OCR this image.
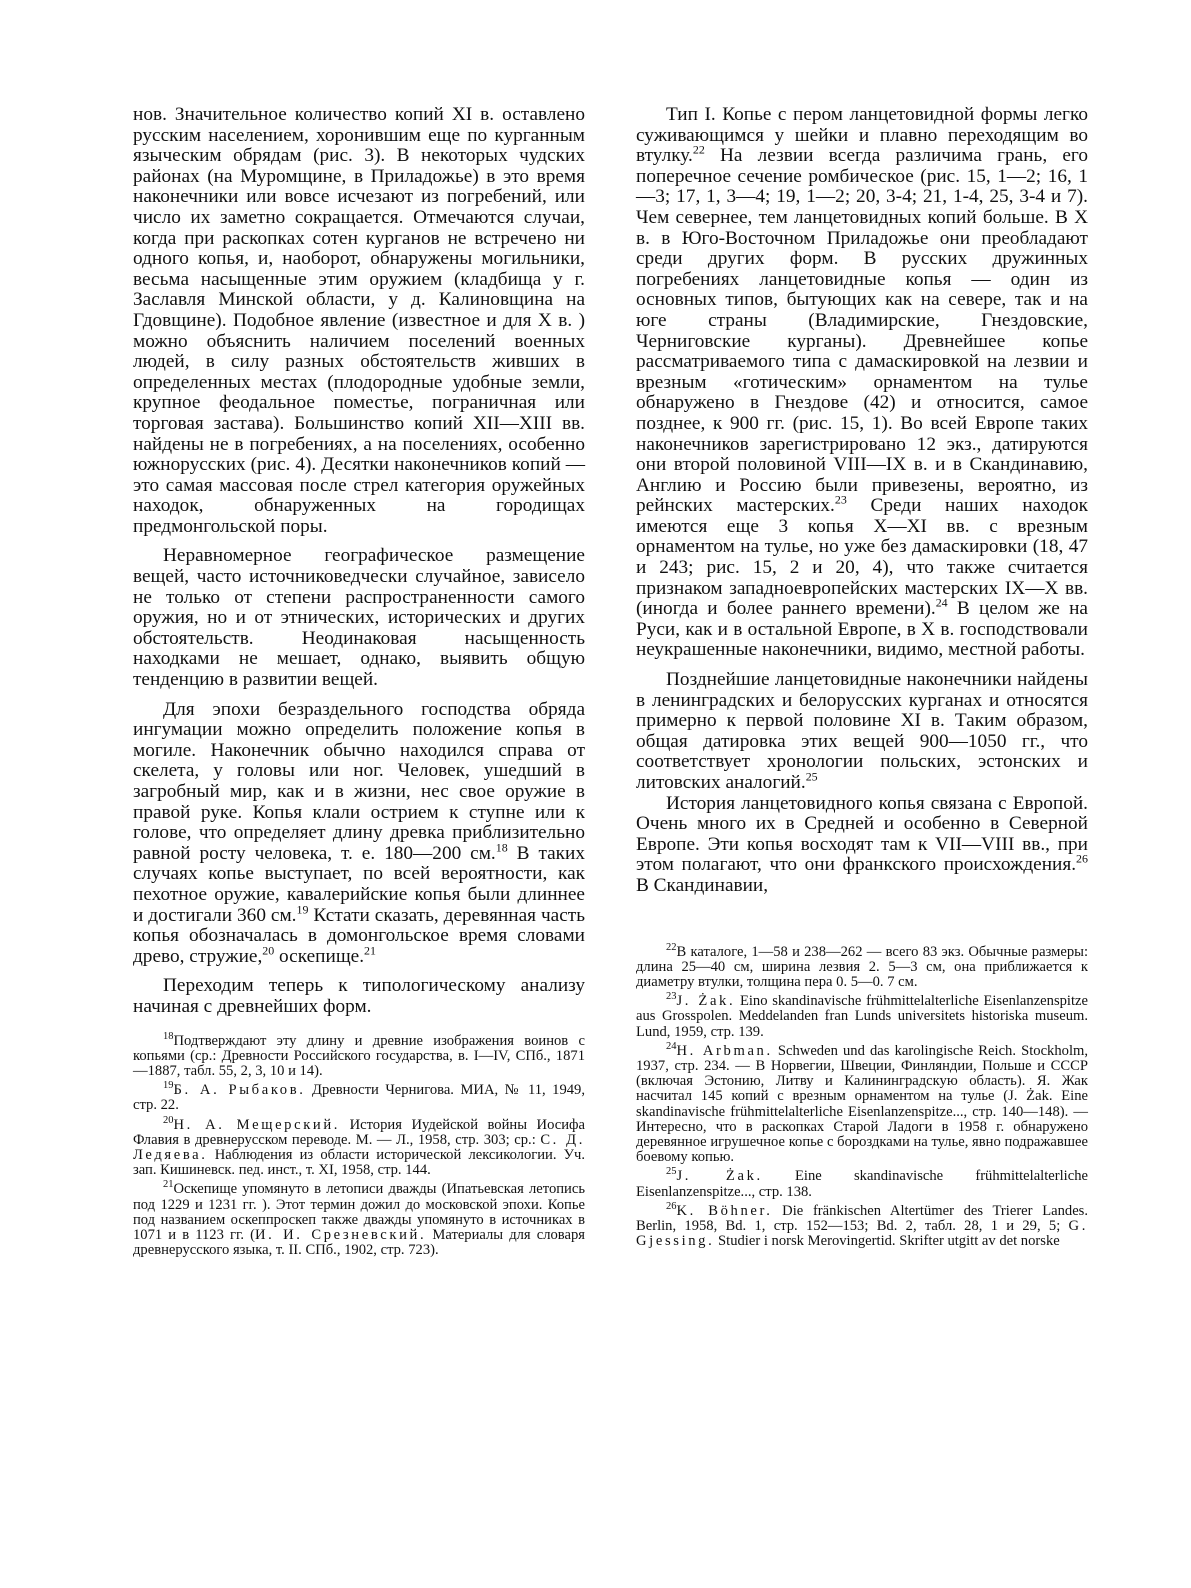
нов. Значительное количество копий XI в. оставлено русским населением, хоронившим еще по курганным языческим обрядам (рис. 3). В некоторых чудских районах (на Муромщине, в Приладожье) в это время наконечники или вовсе исчезают из погребений, или число их заметно сокращается. Отмечаются случаи, когда при раскопках сотен курганов не встречено ни одного копья, и, наоборот, обнаружены могильники, весьма насыщенные этим оружием (кладбища у г. Заславля Минской области, у д. Калиновщина на Гдовщине). Подобное явление (известное и для X в. ) можно объяснить наличием поселений военных людей, в силу разных обстоятельств живших в определенных местах (плодородные удобные земли, крупное феодальное поместье, пограничная или торговая застава). Большинство копий XII—XIII вв. найдены не в погребениях, а на поселениях, особенно южнорусских (рис. 4). Десятки наконечников копий — это самая массовая после стрел категория оружейных находок, обнаруженных на городищах предмонгольской поры.

Неравномерное географическое размещение вещей, часто источниковедчески случайное, зависело не только от степени распространенности самого оружия, но и от этнических, исторических и других обстоятельств. Неодинаковая насыщенность находками не мешает, однако, выявить общую тенденцию в развитии вещей.

Для эпохи безраздельного господства обряда ингумации можно определить положение копья в могиле. Наконечник обычно находился справа от скелета, у головы или ног. Человек, ушедший в загробный мир, как и в жизни, нес свое оружие в правой руке. Копья клали острием к ступне или к голове, что определяет длину древка приблизительно равной росту человека, т. е. 180—200 см.$^{18}$ В таких случаях копье выступает, по всей вероятности, как пехотное оружие, кавалерийские копья были длиннее и достигали 360 см.$^{19}$ Кстати сказать, деревянная часть копья обозначалась в домонгольское время словами древо, стружие,$^{20}$ оскепище.$^{21}$

Переходим теперь к типологическому анализу начиная с древнейших форм.

$^{18}$Подтверждают эту длину и древние изображения воинов с копьями (ср.: Древности Российского государства, в. I—IV, СПб., 1871—1887, табл. 55, 2, 3, 10 и 14).

$^{19}$Б. А. Рыбаков. Древности Чернигова. МИА, № 11, 1949, стр. 22.

$^{20}$Н. А. Мещерский. История Иудейской войны Иосифа Флавия в древнерусском переводе. М. — Л., 1958, стр. 303; ср.: С. Д. Ледяева. Наблюдения из области исторической лексикологии. Уч. зап. Кишиневск. пед. инст., т. XI, 1958, стр. 144.

$^{21}$Оскепище упомянуто в летописи дважды (Ипатьевская летопись под 1229 и 1231 гг. ). Этот термин дожил до московской эпохи. Копье под названием оскеппроскеп также дважды упомянуто в источниках в 1071 и в 1123 гг. (И. И. Срезневский. Материалы для словаря древнерусского языка, т. II. СПб., 1902, стр. 723).

Тип I. Копье с пером ланцетовидной формы легко суживающимся у шейки и плавно переходящим во втулку.$^{22}$ На лезвии всегда различима грань, его поперечное сечение ромбическое (рис. 15, 1—2; 16, 1—3; 17, 1, 3—4; 19, 1—2; 20, 3-4; 21, 1-4, 25, 3-4 и 7). Чем севернее, тем ланцетовидных копий больше. В X в. в Юго-Восточном Приладожье они преобладают среди других форм. В русских дружинных погребениях ланцетовидные копья — один из основных типов, бытующих как на севере, так и на юге страны (Владимирские, Гнездовские, Черниговские курганы). Древнейшее копье рассматриваемого типа с дамаскировкой на лезвии и врезным «готическим» орнаментом на тулье обнаружено в Гнездове (42) и относится, самое позднее, к 900 гг. (рис. 15, 1). Во всей Европе таких наконечников зарегистрировано 12 экз., датируются они второй половиной VIII—IX в. и в Скандинавию, Англию и Россию были привезены, вероятно, из рейнских мастерских.$^{23}$ Среди наших находок имеются еще 3 копья X—XI вв. с врезным орнаментом на тулье, но уже без дамаскировки (18, 47 и 243; рис. 15, 2 и 20, 4), что также считается признаком западноевропейских мастерских IX—X вв. (иногда и более раннего времени).$^{24}$ В целом же на Руси, как и в остальной Европе, в X в. господствовали неукрашенные наконечники, видимо, местной работы.

Позднейшие ланцетовидные наконечники найдены в ленинградских и белорусских курганах и относятся примерно к первой половине XI в. Таким образом, общая датировка этих вещей 900—1050 гг., что соответствует хронологии польских, эстонских и литовских аналогий.$^{25}$

История ланцетовидного копья связана с Европой. Очень много их в Средней и особенно в Северной Европе. Эти копья восходят там к VII—VIII вв., при этом полагают, что они франкского происхождения.$^{26}$ В Скандинавии,

$^{22}$В каталоге, 1—58 и 238—262 — всего 83 экз. Обычные размеры: длина 25—40 см, ширина лезвия 2. 5—3 см, она приближается к диаметру втулки, толщина пера 0. 5—0. 7 см.

$^{23}$J. Żak. Eino skandinavische frühmittelalterliche Eisenlanzenspitze aus Grosspolen. Meddelanden fran Lunds universitets historiska museum. Lund, 1959, стр. 139.

$^{24}$H. Arbman. Schweden und das karolingische Reich. Stockholm, 1937, стр. 234. — В Норвегии, Швеции, Финляндии, Польше и СССР (включая Эстонию, Литву и Калининградскую область). Я. Жак насчитал 145 копий с врезным орнаментом на тулье (J. Żak. Eine skandinavische frühmittelalterliche Eisenlanzenspitze..., стр. 140—148). — Интересно, что в раскопках Старой Ладоги в 1958 г. обнаружено деревянное игрушечное копье с бороздками на тулье, явно подражавшее боевому копью.

$^{25}$J. Żak. Eine skandinavische frühmittelalterliche Eisenlanzenspitze..., стр. 138.

$^{26}$K. Böhner. Die fränkischen Altertümer des Trierer Landes. Berlin, 1958, Bd. 1, стр. 152—153; Bd. 2, табл. 28, 1 и 29, 5; G. Gjessing. Studier i norsk Merovingertid. Skrifter utgitt av det norske
